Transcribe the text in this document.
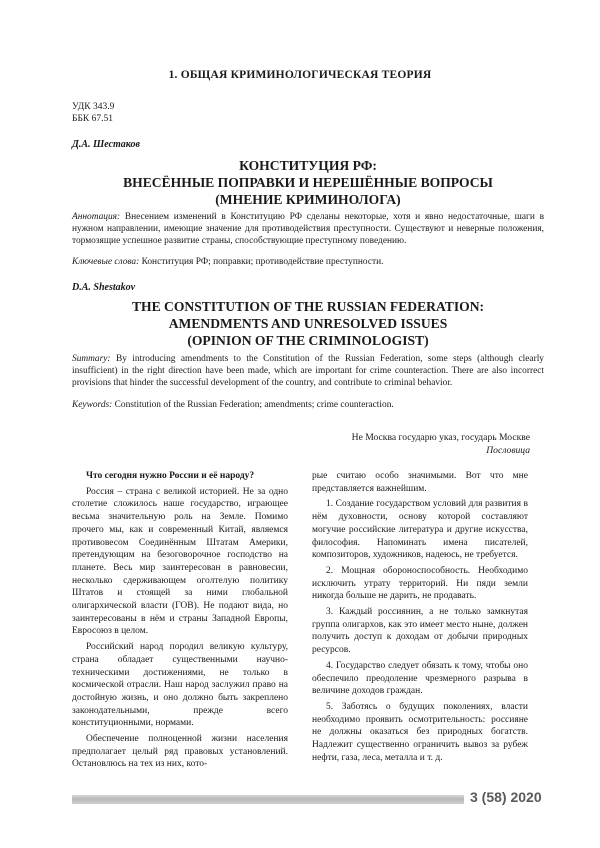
1. ОБЩАЯ КРИМИНОЛОГИЧЕСКАЯ ТЕОРИЯ
УДК 343.9
ББК 67.51
Д.А. Шестаков
КОНСТИТУЦИЯ РФ:
ВНЕСЁННЫЕ ПОПРАВКИ И НЕРЕШЁННЫЕ ВОПРОСЫ
(МНЕНИЕ КРИМИНОЛОГА)
Аннотация: Внесением изменений в Конституцию РФ сделаны некоторые, хотя и явно недостаточные, шаги в нужном направлении, имеющие значение для противодействия преступности. Существуют и неверные положения, тормозящие успешное развитие страны, способствующие преступному поведению.
Ключевые слова: Конституция РФ; поправки; противодействие преступности.
D.A. Shestakov
THE CONSTITUTION OF THE RUSSIAN FEDERATION:
AMENDMENTS AND UNRESOLVED ISSUES
(OPINION OF THE CRIMINOLOGIST)
Summary: By introducing amendments to the Constitution of the Russian Federation, some steps (although clearly insufficient) in the right direction have been made, which are important for crime counteraction. There are also incorrect provisions that hinder the successful development of the country, and contribute to criminal behavior.
Keywords: Constitution of the Russian Federation; amendments; crime counteraction.
Не Москва государю указ, государь Москве
Пословица

Что сегодня нужно России и её народу?

Россия – страна с великой историей. Не за одно столетие сложилось наше государство, играющее весьма значительную роль на Земле. Помимо прочего мы, как и современный Китай, являемся противовесом Соединённым Штатам Америки, претендующим на безоговорочное господство на планете. Весь мир заинтересован в равновесии, несколько сдерживающем оголтелую политику Штатов и стоящей за ними глобальной олигархической власти (ГОВ). Не подают вида, но заинтересованы в нём и страны Западной Европы, Евросоюз в целом.

Российский народ породил великую культуру, страна обладает существенными научно-техническими достижениями, не только в космической отрасли. Наш народ заслужил право на достойную жизнь, и оно должно быть закреплено законодательными, прежде всего конституционными, нормами.

Обеспечение полноценной жизни населения предполагает целый ряд правовых установлений. Остановлюсь на тех из них, кото-

рые считаю особо значимыми. Вот что мне представляется важнейшим.

1. Создание государством условий для развития в нём духовности, основу которой составляют могучие российские литература и другие искусства, философия. Напоминать имена писателей, композиторов, художников, надеюсь, не требуется.

2. Мощная обороноспособность. Необходимо исключить утрату территорий. Ни пяди земли никогда больше не дарить, не продавать.

3. Каждый россиянин, а не только замкнутая группа олигархов, как это имеет место ныне, должен получить доступ к доходам от добычи природных ресурсов.

4. Государство следует обязать к тому, чтобы оно обеспечило преодоление чрезмерного разрыва в величине доходов граждан.

5. Заботясь о будущих поколениях, власти необходимо проявить осмотрительность: россияне не должны оказаться без природных богатств. Надлежит существенно ограничить вывоз за рубеж нефти, газа, леса, металла и т. д.

3 (58) 2020
